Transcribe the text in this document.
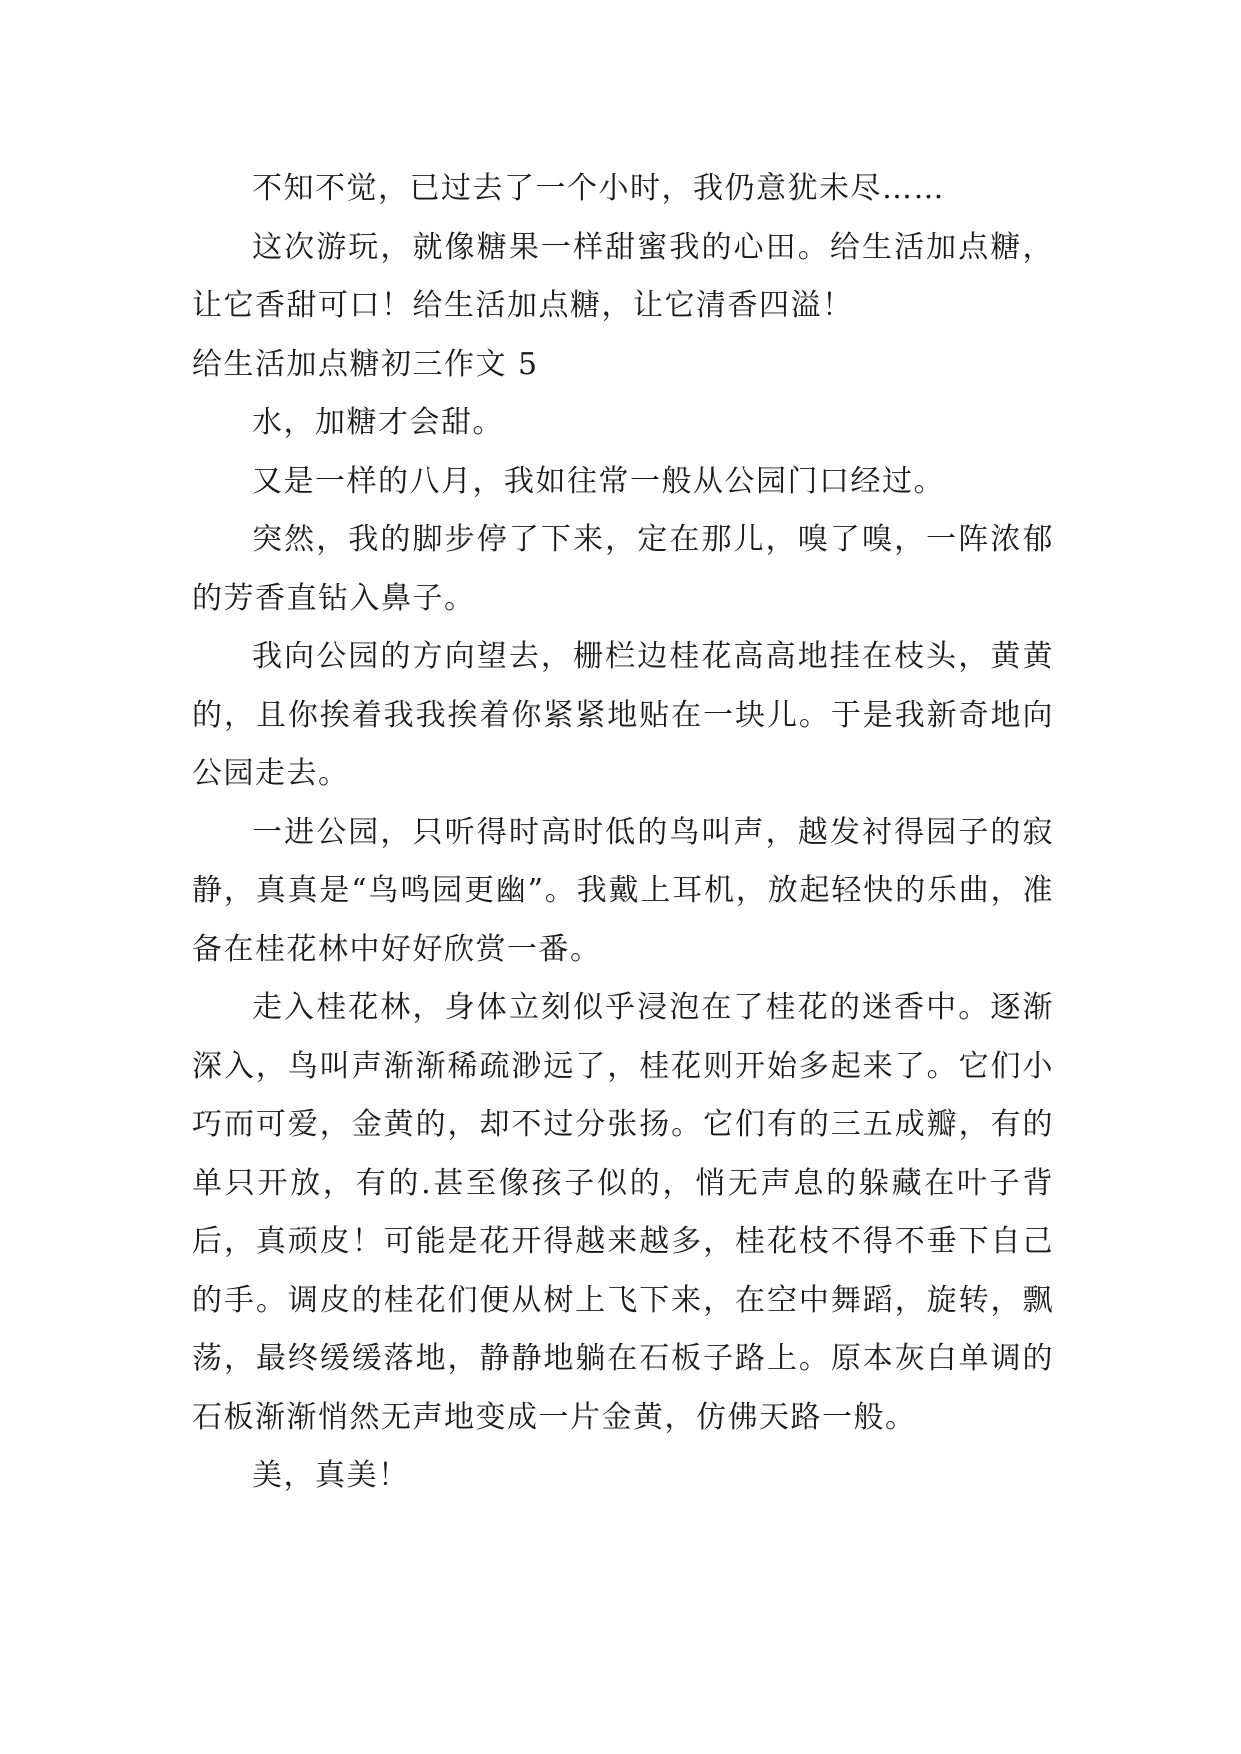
不知不觉，已过去了一个小时，我仍意犹未尽……

这次游玩，就像糖果一样甜蜜我的心田。给生活加点糖，让它香甜可口！给生活加点糖，让它清香四溢！

给生活加点糖初三作文 5

水，加糖才会甜。

又是一样的八月，我如往常一般从公园门口经过。

突然，我的脚步停了下来，定在那儿，嗅了嗅，一阵浓郁的芳香直钻入鼻子。

我向公园的方向望去，栅栏边桂花高高地挂在枝头，黄黄的，且你挨着我我挨着你紧紧地贴在一块儿。于是我新奇地向公园走去。

一进公园，只听得时高时低的鸟叫声，越发衬得园子的寂静，真真是“鸟鸣园更幽”。我戴上耳机，放起轻快的乐曲，准备在桂花林中好好欣赏一番。

走入桂花林，身体立刻似乎浸泡在了桂花的迷香中。逐渐深入，鸟叫声渐渐稀疏渺远了，桂花则开始多起来了。它们小巧而可爱，金黄的，却不过分张扬。它们有的三五成瓣，有的单只开放，有的.甚至像孩子似的，悄无声息的躲藏在叶子背后，真顽皮！可能是花开得越来越多，桂花枝不得不垂下自己的手。调皮的桂花们便从树上飞下来，在空中舞蹈，旋转，飘荡，最终缓缓落地，静静地躺在石板子路上。原本灰白单调的石板渐渐悄然无声地变成一片金黄，仿佛天路一般。

美，真美！
